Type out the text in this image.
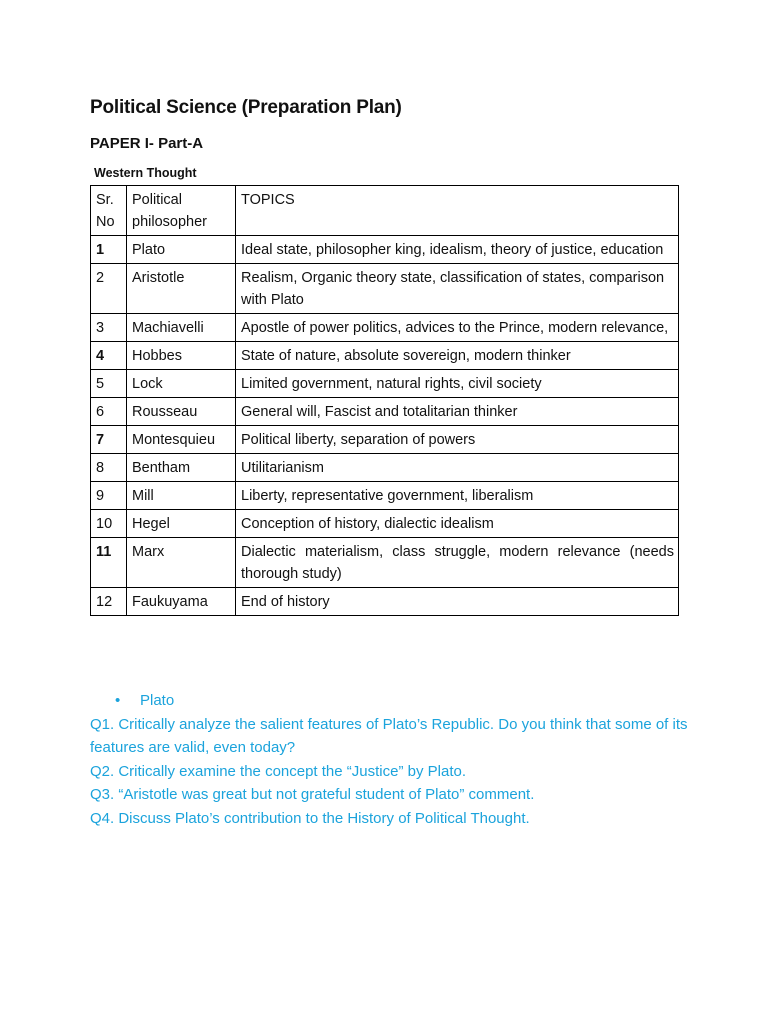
Political Science (Preparation Plan)
PAPER I- Part-A

Western Thought

Sr. No	Political philosopher	TOPICS
1	Plato	Ideal state, philosopher king, idealism, theory of justice, education
2	Aristotle	Realism, Organic theory state, classification of states, comparison with Plato
3	Machiavelli	Apostle of power politics, advices to the Prince, modern relevance,
4	Hobbes	State of nature, absolute sovereign, modern thinker
5	Lock	Limited government, natural rights, civil society
6	Rousseau	General will, Fascist and totalitarian thinker
7	Montesquieu	Political liberty, separation of powers
8	Bentham	Utilitarianism
9	Mill	Liberty, representative government, liberalism
10	Hegel	Conception of history, dialectic idealism
11	Marx	Dialectic materialism, class struggle, modern relevance (needs thorough study)
12	Faukuyama	End of history
• Plato

Q1. Critically analyze the salient features of Plato’s Republic. Do you think that some of its features are valid, even today?

Q2. Critically examine the concept the “Justice” by Plato.

Q3. “Aristotle was great but not grateful student of Plato” comment.

Q4. Discuss Plato’s contribution to the History of Political Thought.
